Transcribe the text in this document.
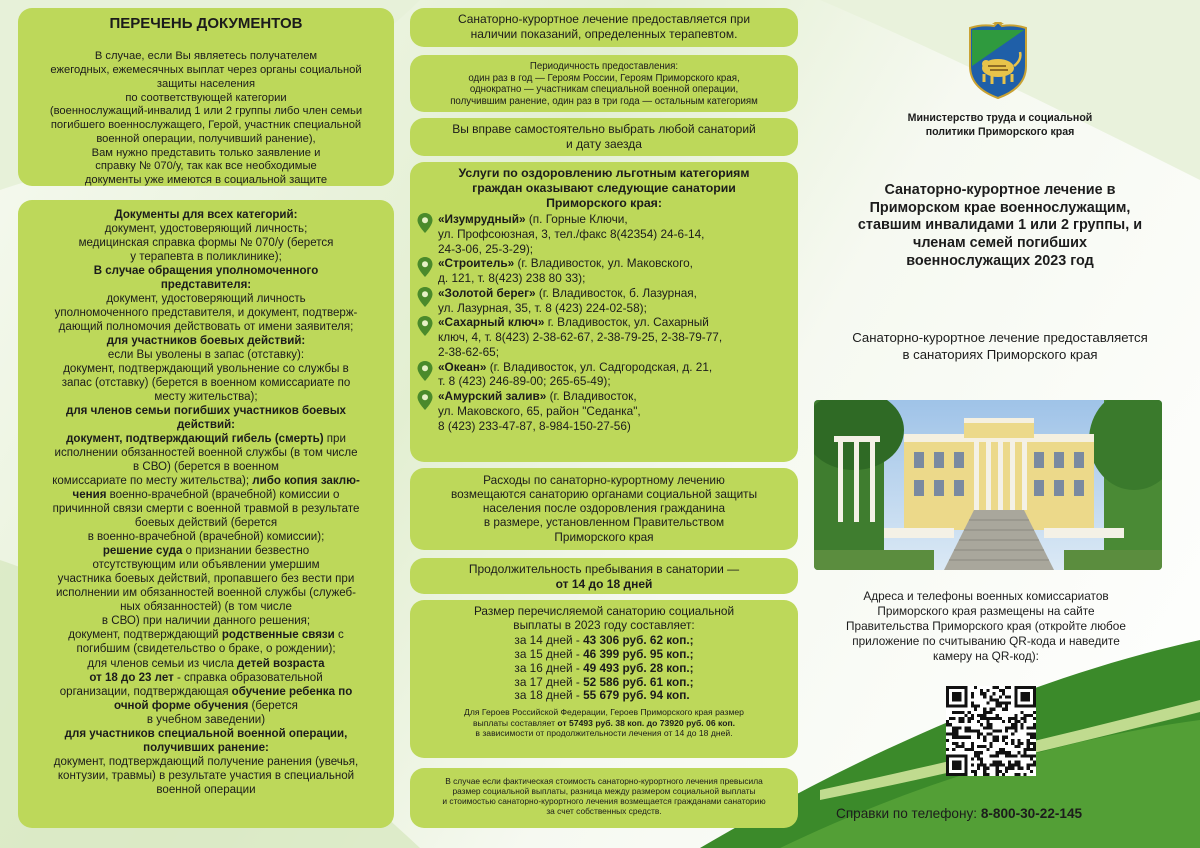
ПЕРЕЧЕНЬ ДОКУМЕНТОВ
В случае, если Вы являетесь получателем
ежегодных, ежемесячных выплат через органы социальной
защиты населения
по соответствующей категории
(военнослужащий-инвалид 1 или 2 группы либо член семьи
погибшего военнослужащего, Герой, участник специальной
военной операции, получивший ранение),
Вам нужно представить только заявление и
справку № 070/у, так как все необходимые
документы уже имеются в социальной защите
Документы для всех категорий:
документ, удостоверяющий личность;
медицинская справка формы № 070/у (берется
у терапевта в поликлинике);
В случае обращения уполномоченного
представителя:
документ, удостоверяющий личность
уполномоченного представителя, и документ, подтверж-
дающий полномочия действовать от имени заявителя;
для участников боевых действий:
если Вы уволены в запас (отставку):
документ, подтверждающий увольнение со службы в
запас (отставку) (берется в военном комиссариате по
месту жительства);
для членов семьи погибших участников боевых
действий:
документ, подтверждающий гибель (смерть) при
исполнении обязанностей военной службы (в том числе
в СВО) (берется в военном
комиссариате по месту жительства); либо копия заклю-
чения военно-врачебной (врачебной) комиссии о
причинной связи смерти с военной травмой в результате
боевых действий (берется
в военно-врачебной (врачебной) комиссии);
решение суда о признании безвестно
отсутствующим или объявлении умершим
участника боевых действий, пропавшего без вести при
исполнении им обязанностей военной службы (служеб-
ных обязанностей) (в том числе
в СВО) при наличии данного решения;
документ, подтверждающий родственные связи с
погибшим (свидетельство о браке, о рождении);
для членов семьи из числа детей возраста
от 18 до 23 лет - справка образовательной
организации, подтверждающая обучение ребенка по
очной форме обучения (берется
в учебном заведении)
для участников специальной военной операции,
получивших ранение:
документ, подтверждающий получение ранения (увечья,
контузии, травмы) в результате участия в специальной
военной операции
Санаторно-курортное лечение предоставляется при
наличии показаний, определенных терапевтом.
Периодичность предоставления:
один раз в год — Героям России, Героям Приморского края,
однократно — участникам специальной военной операции,
получившим ранение, один раз в три года — остальным категориям
Вы вправе самостоятельно выбрать любой санаторий
и дату заезда
Услуги по оздоровлению льготным категориям
граждан оказывают следующие санатории
Приморского края:
«Изумрудный» (п. Горные Ключи,
ул. Профсоюзная, 3, тел./факс 8(42354) 24-6-14,
24-3-06, 25-3-29);
«Строитель» (г. Владивосток, ул. Маковского,
д. 121, т. 8(423) 238 80 33);
«Золотой берег» (г. Владивосток, б. Лазурная,
ул. Лазурная, 35, т. 8 (423) 224-02-58);
«Сахарный ключ» г. Владивосток, ул. Сахарный
ключ, 4, т. 8(423) 2-38-62-67, 2-38-79-25, 2-38-79-77,
2-38-62-65;
«Океан» (г. Владивосток, ул. Садгородская, д. 21,
т. 8 (423) 246-89-00; 265-65-49);
«Амурский залив» (г. Владивосток,
ул. Маковского, 65, район "Седанка",
8 (423) 233-47-87, 8-984-150-27-56)
Расходы по санаторно-курортному лечению
возмещаются санаторию органами социальной защиты
населения после оздоровления гражданина
в размере, установленном Правительством
Приморского края
Продолжительность пребывания в санатории —
от 14 до 18 дней
Размер перечисляемой санаторию социальной
выплаты в 2023 году составляет:
за 14 дней - 43 306 руб. 62 коп.;
за 15 дней - 46 399 руб. 95 коп.;
за 16 дней - 49 493 руб. 28 коп.;
за 17 дней - 52 586 руб. 61 коп.;
за 18 дней - 55 679 руб. 94 коп.
Для Героев Российской Федерации, Героев Приморского края размер
выплаты составляет от 57493 руб. 38 коп. до 73920 руб. 06 коп.
в зависимости от продолжительности лечения от 14 до 18 дней.
В случае если фактическая стоимость санаторно-курортного лечения превысила
размер социальной выплаты, разница между размером социальной выплаты
и стоимостью санаторно-курортного лечения возмещается гражданами санаторию
за счет собственных средств.
Министерство труда и социальной политики Приморского края
Санаторно-курортное лечение в Приморском крае военнослужащим, ставшим инвалидами 1 или 2 группы, и членам семей погибших военнослужащих 2023 год
Санаторно-курортное лечение предоставляется в санаториях Приморского края
Адреса и телефоны военных комиссариатов Приморского края размещены на сайте Правительства Приморского края (откройте любое приложение по считыванию QR-кода и наведите камеру на QR-код):
Справки по телефону: 8-800-30-22-145
